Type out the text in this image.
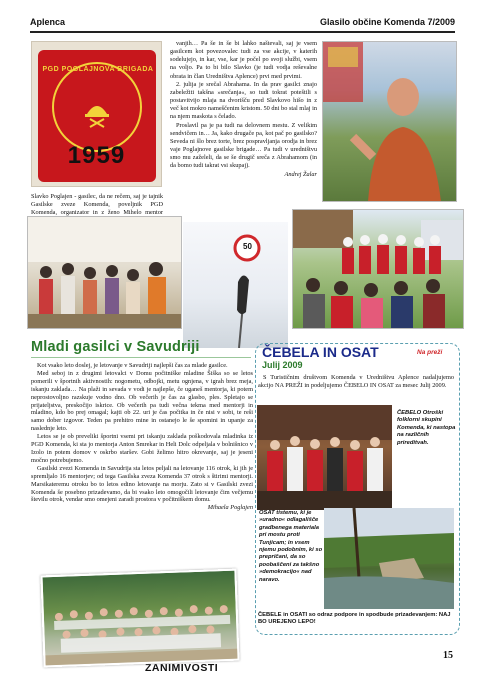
Aplenca	Glasilo občine Komenda 7/2009
ZANIMIVOSTI
PGD POGLAJNOVA BRIGADA
1959
Slavko Poglajen - gasilec, da ne rečem, saj je tajnik Gasilske zveze Komenda, poveljnik PGD Komenda, organizator in z ženo Mihelo mentor

vanjih… Pa še in še bi lahko naštevali, saj je vsem gasilcem kot povezovalec tudi za vse akcije, v katerih sodelujejo, in kar, vse, kar je počel po svoji službi, vsem na voljo. Pa to bi bilo Slavko (je tudi vodja reševalne obrata in član Uredništva Aplence) prvi med prvimi.

2. julija je srečal Abrahama. In da prav gasilci znajo zabeležiti takšna »srečanja«, so tudi tokrat poteštili s postavitvijo mlaja na dvorišču pred Slavkovo hišo in z več kot mokro nameščenim kristom. 50 dni bo stal mlaj in na njem maskota s čelado.

Proslavil pa je pa tudi na delovnem mestu. Z velikim sendvičem in… Ja, kako drugače pa, kot pač po gasilsko? Seveda ni šlo brez torte, brez pospravljanja orodja in brez vaje Poglajnove gasilske brigade… Pa tudi v uredništvu smo mu zaželeli, da se še drugič sreča z Abrahamom (in da bomo tudi takrat vsi skupaj).

Andrej Žalar

50
Mladi gasilci v Savudriji

Kot vsako leto doslej, je letovanje v Savudriji najlepši čas za mlade gasilce.

Med seboj in z drugimi letovalci v Domu počitniške mladine Šiška so se letos pomerili v športnih aktivnostih: nogometu, odbojki, metu ognjena, v igrah brez meja, iskanju zaklada… Na plaži in sevada v vodi je najlepše, če uganeš mentorja, ki potem neprostovoljno razskuje vodno dno. Ob večerih je čas za glasbo, ples. Spletajo se prijateljstva, preskočijo iskrice. Ob večerih pa tudi večna tekma med mentorji in mladino, kdo bo prej omagal; kajti ob 22. uri je čas počitka in če nisi v sobi, te reši samo dober izgovor. Teden pa prehitro mine in ostanejo le še spomini in upanje za naslednje leto.

Letos se je ob preveliki športni vsemi pri iskanju zaklada poškodovala mladinka iz PGD Komenda, ki sta jo mentorja Anton Smrekar in Heli Dolc odpeljala v bolnišnico v Izolo in potem domov v oskrbo staršev. Gobi želimo hitro okrevanje, saj je jeseni močno potrebujemo.

Gasilski zvezi Komenda in Savudrija sta letos peljali na letovanje 116 otrok, ki jih je spremljalo 16 mentorjev; od tega Gasilska zveza Komenda 37 otrok s štirimi mentorji. Marsikateremu otroku bo to letos edino letovanje na morju. Zato si v Gasilski zvezi Komenda še posebno prizadevamo, da bi vsako leto omogočili letovanje čim večjemu številu otrok, vendar smo omejeni zaradi prostora v počitniškem domu.

Mihaela Poglajen

ČEBELA IN OSAT	Na preži
Julij 2009
S Turističnim društvom Komenda v Uredništvu Aplence nadaljujemo akcijo NA PREŽI in podeljujemo ČEBELO IN OSAT za mesec Julij 2009.
ČEBELO Otroški folklorni skupini Komenda, ki nastopa na različnih prireditvah.
OSAT tistemu, ki je »uradno« odlagališče gradbenega materiala pri mostu proti Tunjicam; in vsem njemu podobnim, ki so prepričani, da so poobaščeni za takšno »demokracijo« nad naravo.
ČEBELE in OSATI so odraz podpore in spodbude prizadevanjem: NAJ BO UREJENO LEPO!
15
